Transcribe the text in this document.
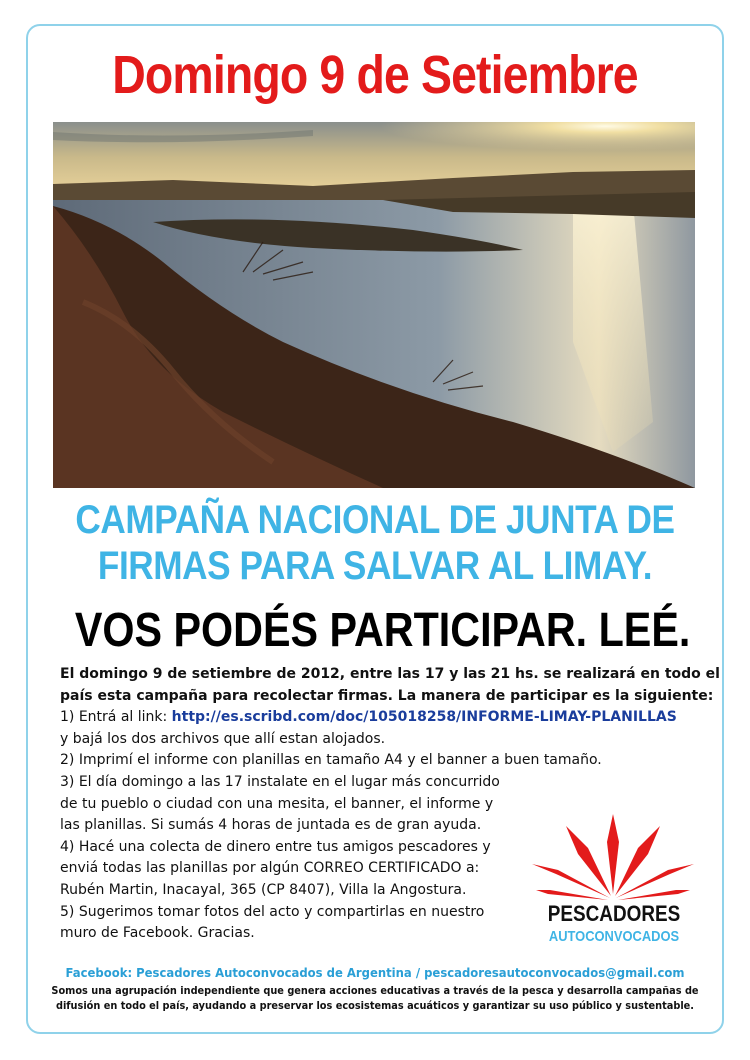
Domingo 9 de Setiembre
CAMPAÑA NACIONAL DE JUNTA DE
FIRMAS PARA SALVAR AL LIMAY.
VOS PODÉS PARTICIPAR. LEÉ.

El domingo 9 de setiembre de 2012, entre las 17 y las 21 hs. se realizará en todo el

país esta campaña para recolectar firmas. La manera de participar es la siguiente:

1) Entrá al link: http://es.scribd.com/doc/105018258/INFORME-LIMAY-PLANILLAS

y bajá los dos archivos que allí estan alojados.

2) Imprimí el informe con planillas en tamaño A4 y el banner a buen tamaño.

3) El día domingo a las 17 instalate en el lugar más concurrido

de tu pueblo o ciudad con una mesita, el banner, el informe y

las planillas. Si sumás 4 horas de juntada es de gran ayuda.

4) Hacé una colecta de dinero entre tus amigos pescadores y

enviá todas las planillas por algún CORREO CERTIFICADO a:

Rubén Martin, Inacayal, 365 (CP 8407), Villa la Angostura.

5) Sugerimos tomar fotos del acto y compartirlas en nuestro

muro de Facebook. Gracias.

PESCADORES
AUTOCONVOCADOS
Facebook: Pescadores Autoconvocados de Argentina / pescadoresautoconvocados@gmail.com
Somos una agrupación independiente que genera acciones educativas a través de la pesca y desarrolla campañas de
difusión en todo el país, ayudando a preservar los ecosistemas acuáticos y garantizar su uso público y sustentable.
